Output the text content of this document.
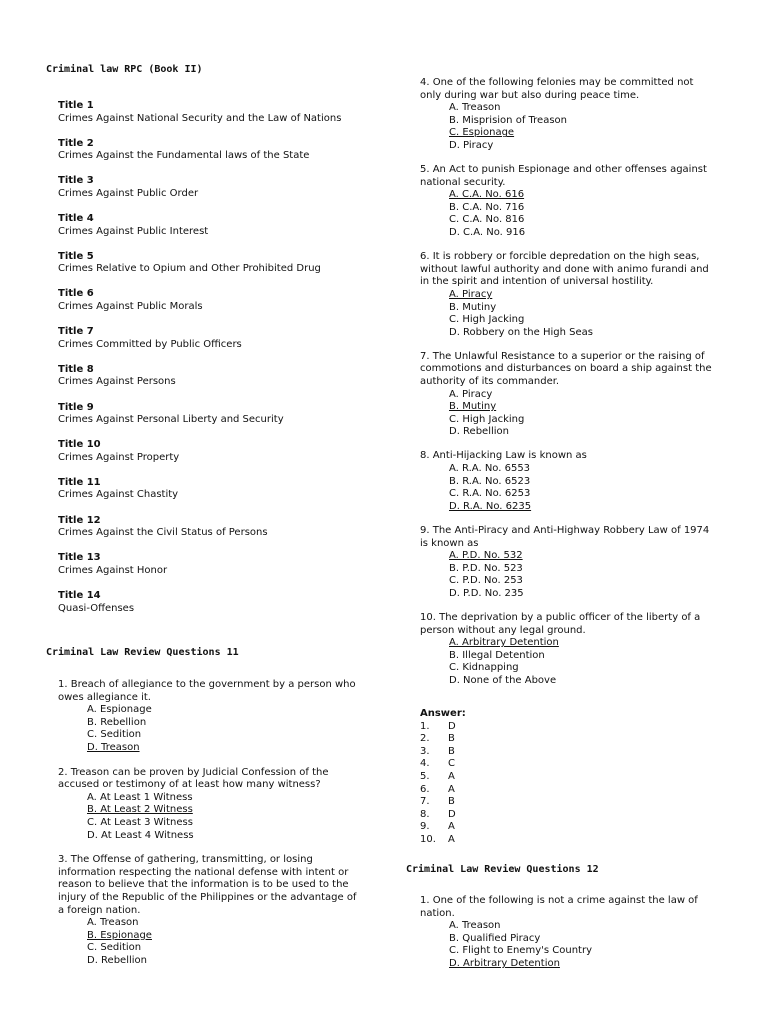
Criminal law RPC (Book II)
Title 1
Crimes Against National Security and the Law of Nations
Title 2
Crimes Against the Fundamental laws of the State
Title 3
Crimes Against Public Order
Title 4
Crimes Against Public Interest
Title 5
Crimes Relative to Opium and Other Prohibited Drug
Title 6
Crimes Against Public Morals
Title 7
Crimes Committed by Public Officers
Title 8
Crimes Against Persons
Title 9
Crimes Against Personal Liberty and Security
Title 10
Crimes Against Property
Title 11
Crimes Against Chastity
Title 12
Crimes Against the Civil Status of Persons
Title 13
Crimes Against Honor
Title 14
Quasi-Offenses
Criminal Law Review Questions 11
1. Breach of allegiance to the government by a person who owes allegiance it.
A. Espionage
B. Rebellion
C. Sedition
D. Treason
2. Treason can be proven by Judicial Confession of the accused or testimony of at least how many witness?
A. At Least 1 Witness
B. At Least 2 Witness
C. At Least 3 Witness
D. At Least 4 Witness
3. The Offense of gathering, transmitting, or losing information respecting the national defense with intent or reason to believe that the information is to be used to the injury of the Republic of the Philippines or the advantage of a foreign nation.
A. Treason
B. Espionage
C. Sedition
D. Rebellion
4. One of the following felonies may be committed not only during war but also during peace time.
A. Treason
B. Misprision of Treason
C. Espionage
D. Piracy
5. An Act to punish Espionage and other offenses against national security.
A. C.A. No. 616
B. C.A. No. 716
C. C.A. No. 816
D. C.A. No. 916
6. It is robbery or forcible depredation on the high seas, without lawful authority and done with animo furandi and in the spirit and intention of universal hostility.
A. Piracy
B. Mutiny
C. High Jacking
D. Robbery on the High Seas
7. The Unlawful Resistance to a superior or the raising of commotions and disturbances on board a ship against the authority of its commander.
A. Piracy
B. Mutiny
C. High Jacking
D. Rebellion
8. Anti-Hijacking Law is known as
A. R.A. No. 6553
B. R.A. No. 6523
C. R.A. No. 6253
D. R.A. No. 6235
9. The Anti-Piracy and Anti-Highway Robbery Law of 1974 is known as
A. P.D. No. 532
B. P.D. No. 523
C. P.D. No. 253
D. P.D. No. 235
10. The deprivation by a public officer of the liberty of a person without any legal ground.
A. Arbitrary Detention
B. Illegal Detention
C. Kidnapping
D. None of the Above
Answer:
1.	D
2.	B
3.	B
4.	C
5.	A
6.	A
7.	B
8.	D
9.	A
10.	A
Criminal Law Review Questions 12
1. One of the following is not a crime against the law of nation.
A. Treason
B. Qualified Piracy
C. Flight to Enemy's Country
D. Arbitrary Detention
